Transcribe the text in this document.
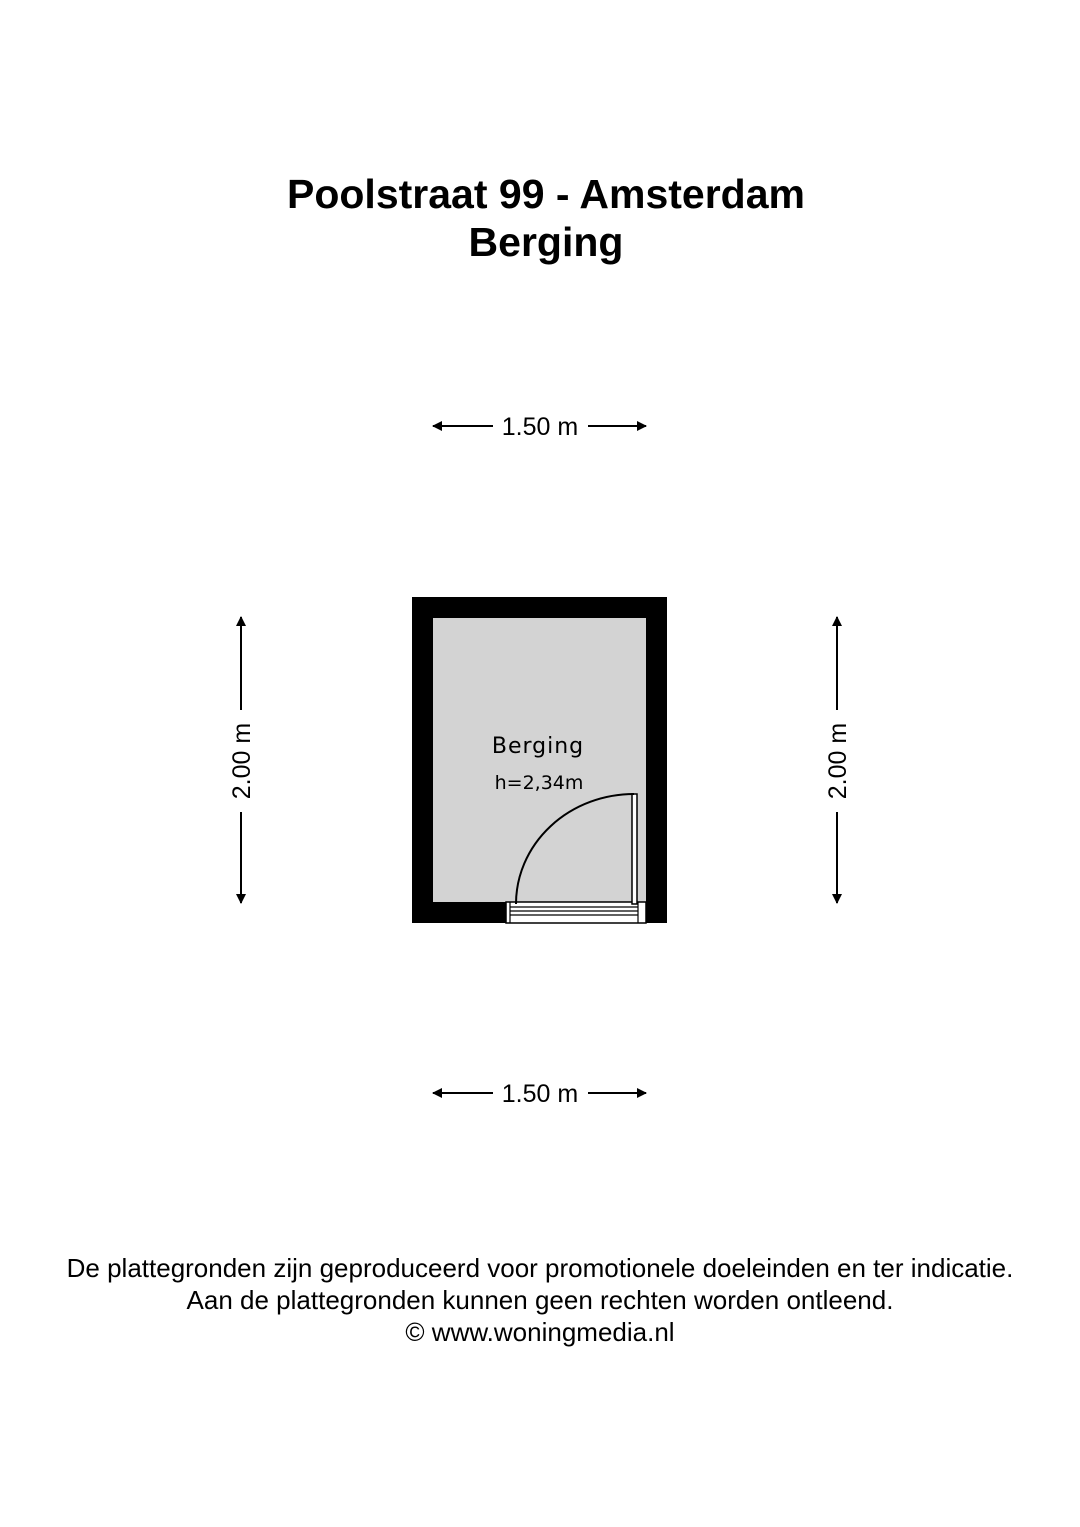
Poolstraat 99 - Amsterdam
Berging
1.50 m
1.50 m
2.00 m	2.00 m
Berging
h=2,34m
De plattegronden zijn geproduceerd voor promotionele doeleinden en ter indicatie.
Aan de plattegronden kunnen geen rechten worden ontleend.
© www.woningmedia.nl
